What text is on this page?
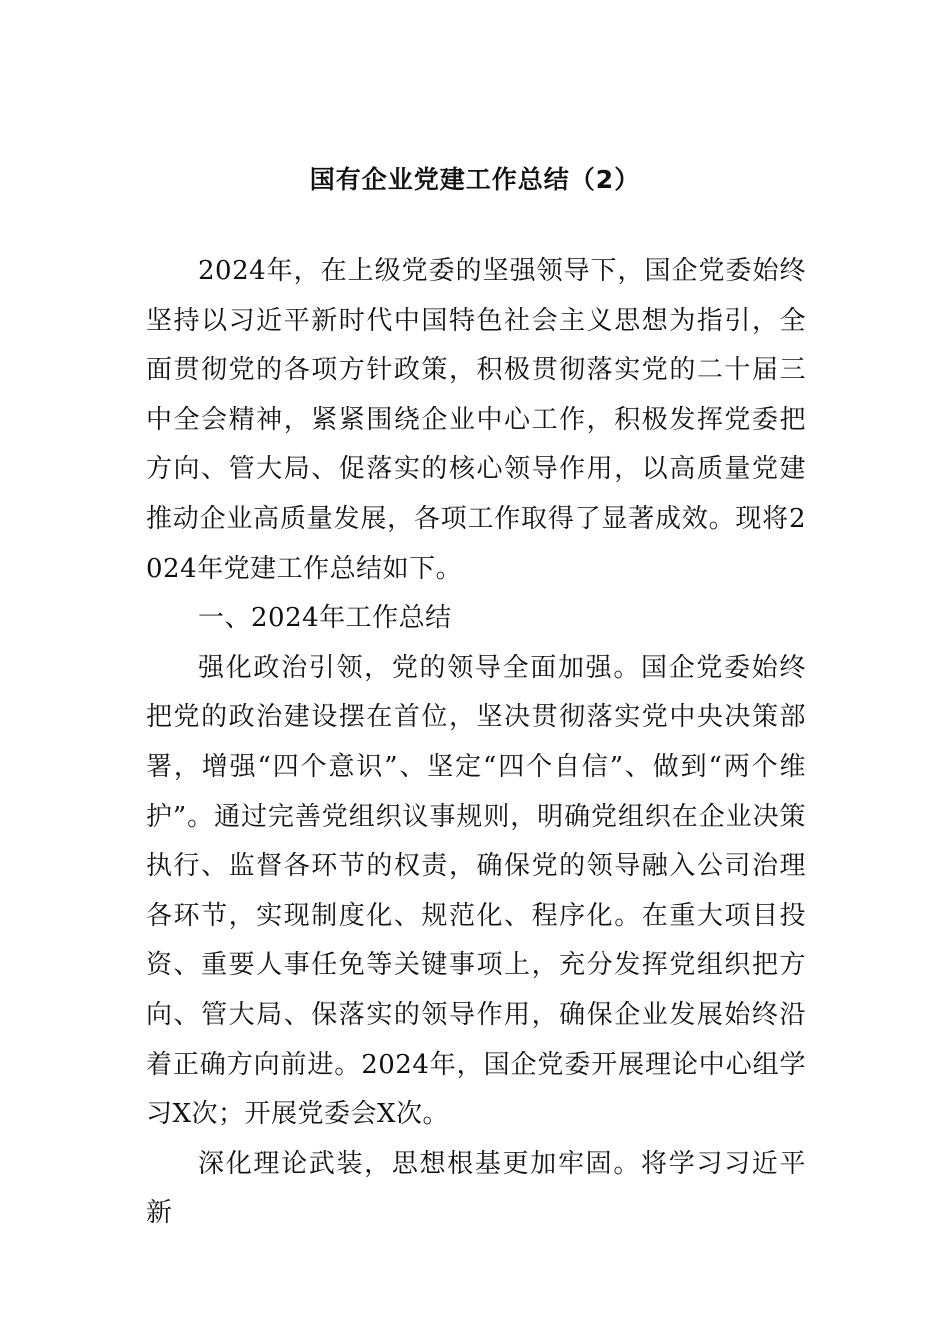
国有企业党建工作总结（2）

2024年，在上级党委的坚强领导下，国企党委始终坚持以习近平新时代中国特色社会主义思想为指引，全面贯彻党的各项方针政策，积极贯彻落实党的二十届三中全会精神，紧紧围绕企业中心工作，积极发挥党委把方向、管大局、促落实的核心领导作用，以高质量党建推动企业高质量发展，各项工作取得了显著成效。现将2024年党建工作总结如下。

一、2024年工作总结

强化政治引领，党的领导全面加强。国企党委始终把党的政治建设摆在首位，坚决贯彻落实党中央决策部署，增强“四个意识”、坚定“四个自信”、做到“两个维护”。通过完善党组织议事规则，明确党组织在企业决策执行、监督各环节的权责，确保党的领导融入公司治理各环节，实现制度化、规范化、程序化。在重大项目投资、重要人事任免等关键事项上，充分发挥党组织把方向、管大局、保落实的领导作用，确保企业发展始终沿着正确方向前进。2024年，国企党委开展理论中心组学习X次；开展党委会X次。

深化理论武装，思想根基更加牢固。将学习习近平新
